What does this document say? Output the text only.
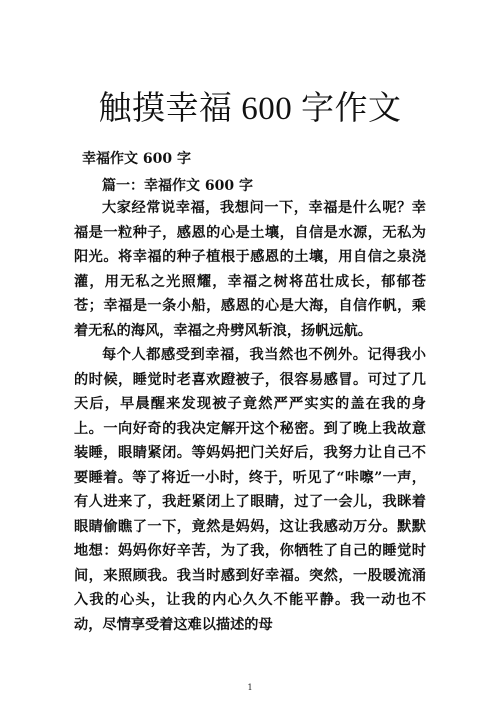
触摸幸福 600 字作文
幸福作文 600 字
篇一：幸福作文 600 字

大家经常说幸福，我想问一下，幸福是什么呢？幸福是一粒种子，感恩的心是土壤，自信是水源，无私为阳光。将幸福的种子植根于感恩的土壤，用自信之泉浇灌，用无私之光照耀，幸福之树将茁壮成长，郁郁苍苍；幸福是一条小船，感恩的心是大海，自信作帆，乘着无私的海风，幸福之舟劈风斩浪，扬帆远航。

每个人都感受到幸福，我当然也不例外。记得我小的时候，睡觉时老喜欢蹬被子，很容易感冒。可过了几天后，早晨醒来发现被子竟然严严实实的盖在我的身上。一向好奇的我决定解开这个秘密。到了晚上我故意装睡，眼睛紧闭。等妈妈把门关好后，我努力让自己不要睡着。等了将近一小时，终于，听见了“咔嚓”一声，有人进来了，我赶紧闭上了眼睛，过了一会儿，我眯着眼睛偷瞧了一下，竟然是妈妈，这让我感动万分。默默地想：妈妈你好辛苦，为了我，你牺牲了自己的睡觉时间，来照顾我。我当时感到好幸福。突然，一股暖流涌入我的心头，让我的内心久久不能平静。我一动也不动，尽情享受着这难以描述的母

1
